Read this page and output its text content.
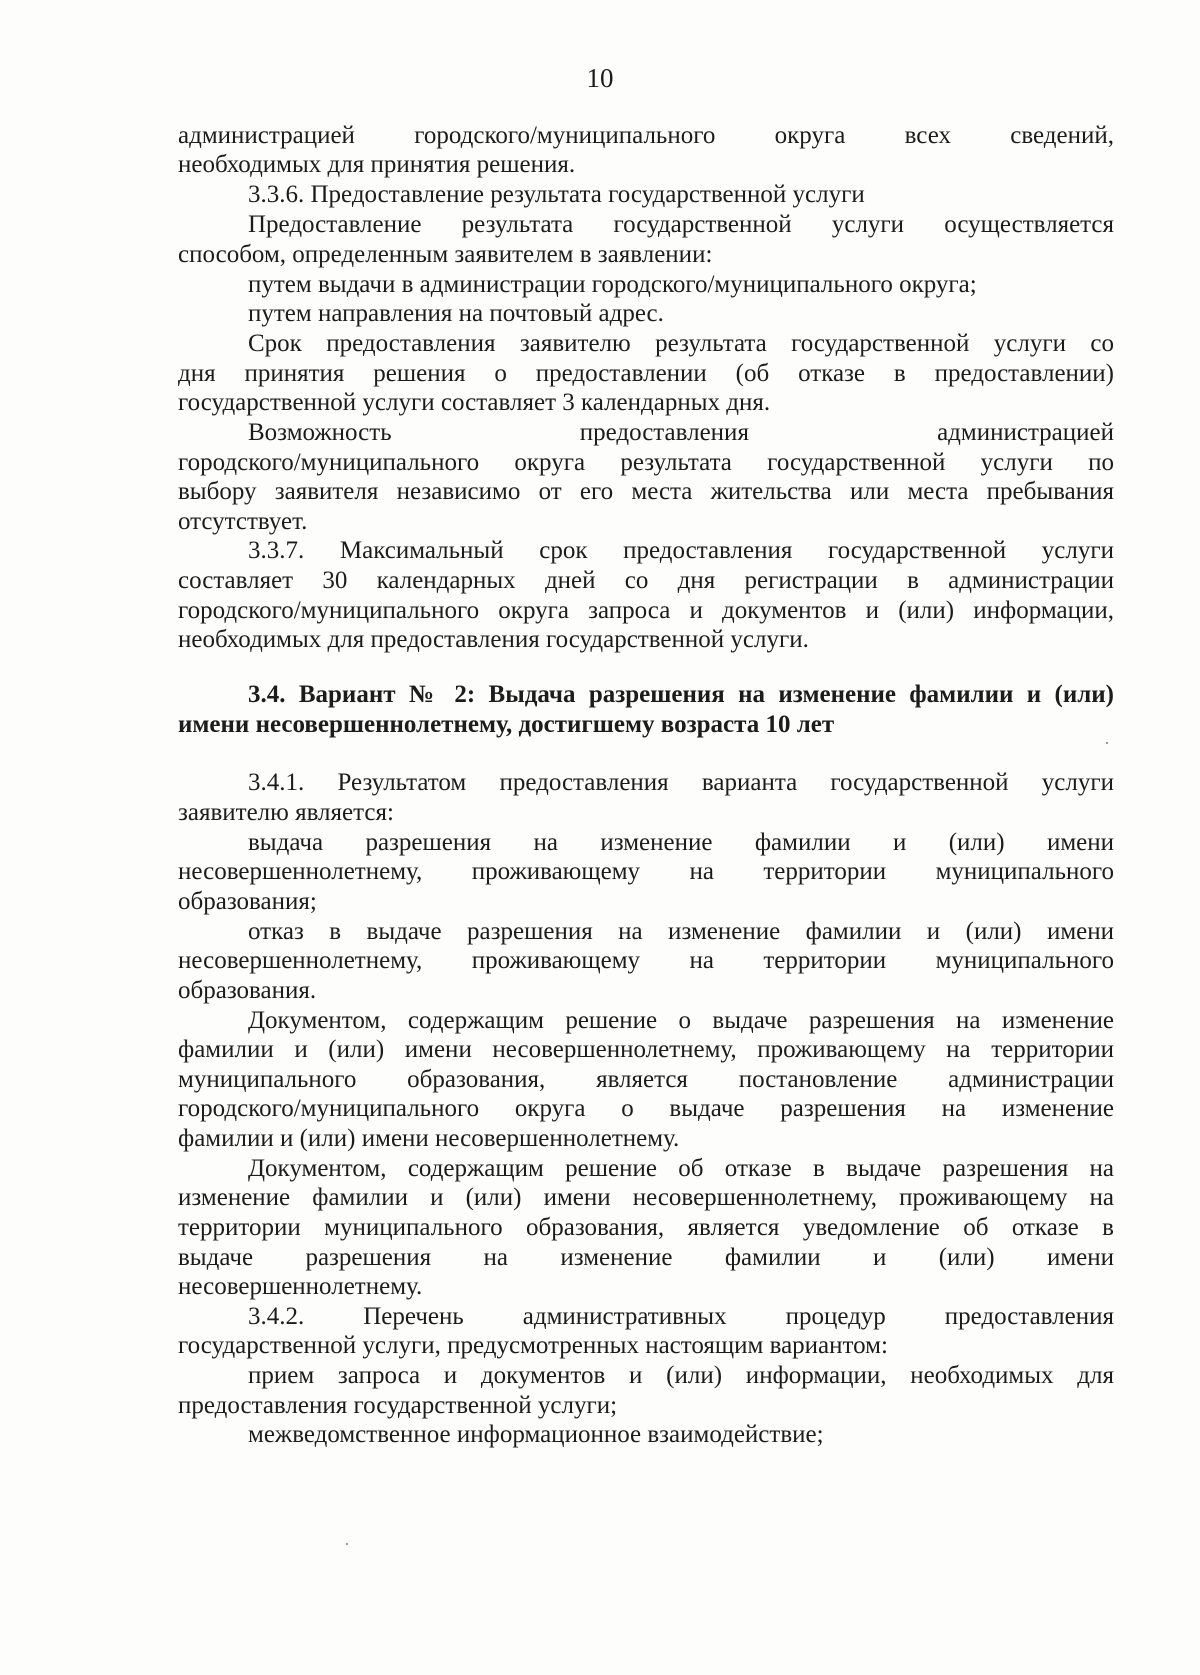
10
администрацией городского/муниципального округа всех сведений,
необходимых для принятия решения.
3.3.6. Предоставление результата государственной услуги
Предоставление результата государственной услуги осуществляется
способом, определенным заявителем в заявлении:
путем выдачи в администрации городского/муниципального округа;
путем направления на почтовый адрес.
Срок предоставления заявителю результата государственной услуги со
дня принятия решения о предоставлении (об отказе в предоставлении)
государственной услуги составляет 3 календарных дня.
Возможность предоставления администрацией
городского/муниципального округа результата государственной услуги по
выбору заявителя независимо от его места жительства или места пребывания
отсутствует.
3.3.7. Максимальный срок предоставления государственной услуги
составляет 30 календарных дней со дня регистрации в администрации
городского/муниципального округа запроса и документов и (или) информации,
необходимых для предоставления государственной услуги.
3.4. Вариант № 2: Выдача разрешения на изменение фамилии и (или)
имени несовершеннолетнему, достигшему возраста 10 лет
3.4.1. Результатом предоставления варианта государственной услуги
заявителю является:
выдача разрешения на изменение фамилии и (или) имени
несовершеннолетнему, проживающему на территории муниципального
образования;
отказ в выдаче разрешения на изменение фамилии и (или) имени
несовершеннолетнему, проживающему на территории муниципального
образования.
Документом, содержащим решение о выдаче разрешения на изменение
фамилии и (или) имени несовершеннолетнему, проживающему на территории
муниципального образования, является постановление администрации
городского/муниципального округа о выдаче разрешения на изменение
фамилии и (или) имени несовершеннолетнему.
Документом, содержащим решение об отказе в выдаче разрешения на
изменение фамилии и (или) имени несовершеннолетнему, проживающему на
территории муниципального образования, является уведомление об отказе в
выдаче разрешения на изменение фамилии и (или) имени
несовершеннолетнему.
3.4.2. Перечень административных процедур предоставления
государственной услуги, предусмотренных настоящим вариантом:
прием запроса и документов и (или) информации, необходимых для
предоставления государственной услуги;
межведомственное информационное взаимодействие;
